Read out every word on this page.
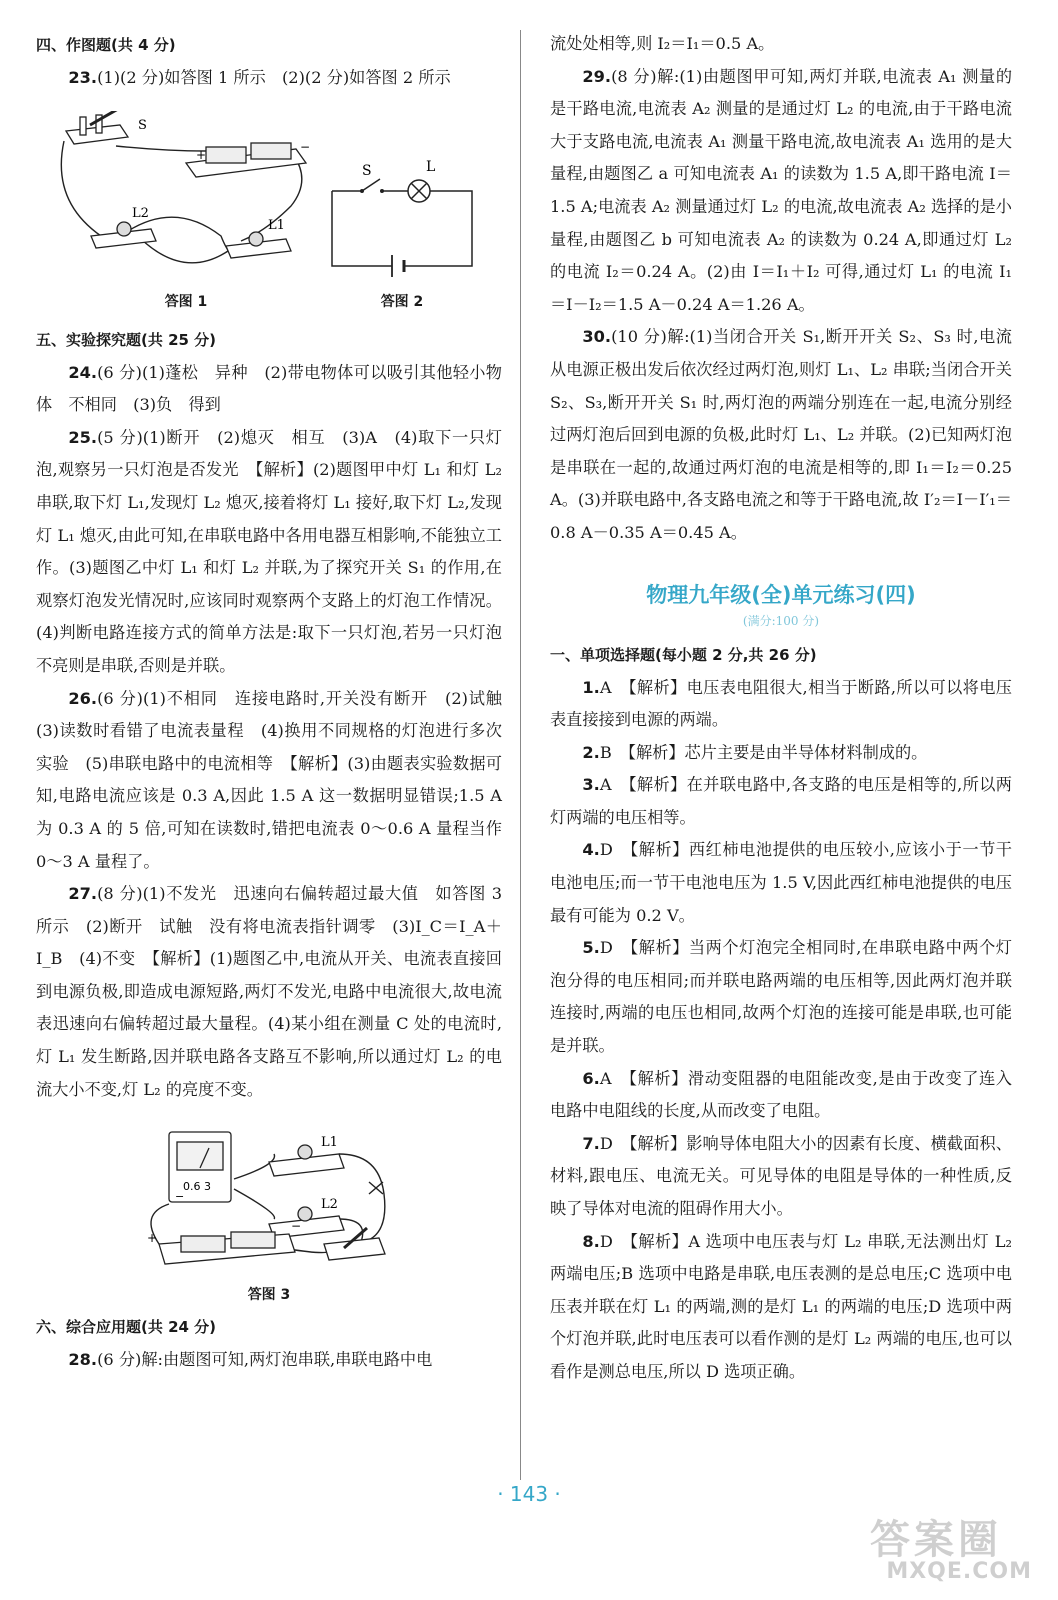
四、作图题(共 4 分)

23.(1)(2 分)如答图 1 所示　(2)(2 分)如答图 2 所示

S
+
−
L2
L1
答图 1
S	L
答图 2

五、实验探究题(共 25 分)

24.(6 分)(1)蓬松　异种　(2)带电物体可以吸引其他轻小物体　不相同　(3)负　得到

25.(5 分)(1)断开　(2)熄灭　相互　(3)A　(4)取下一只灯泡,观察另一只灯泡是否发光　【解析】(2)题图甲中灯 L₁ 和灯 L₂ 串联,取下灯 L₁,发现灯 L₂ 熄灭,接着将灯 L₁ 接好,取下灯 L₂,发现灯 L₁ 熄灭,由此可知,在串联电路中各用电器互相影响,不能独立工作。(3)题图乙中灯 L₁ 和灯 L₂ 并联,为了探究开关 S₁ 的作用,在观察灯泡发光情况时,应该同时观察两个支路上的灯泡工作情况。(4)判断电路连接方式的简单方法是:取下一只灯泡,若另一只灯泡不亮则是串联,否则是并联。

26.(6 分)(1)不相同　连接电路时,开关没有断开　(2)试触　(3)读数时看错了电流表量程　(4)换用不同规格的灯泡进行多次实验　(5)串联电路中的电流相等　【解析】(3)由题表实验数据可知,电路电流应该是 0.3 A,因此 1.5 A 这一数据明显错误;1.5 A 为 0.3 A 的 5 倍,可知在读数时,错把电流表 0～0.6 A 量程当作 0～3 A 量程了。

27.(8 分)(1)不发光　迅速向右偏转超过最大值　如答图 3 所示　(2)断开　试触　没有将电流表指针调零　(3)I_C＝I_A＋I_B　(4)不变　【解析】(1)题图乙中,电流从开关、电流表直接回到电源负极,即造成电源短路,两灯不发光,电路中电流很大,故电流表迅速向右偏转超过最大量程。(4)某小组在测量 C 处的电流时,灯 L₁ 发生断路,因并联电路各支路互不影响,所以通过灯 L₂ 的电流大小不变,灯 L₂ 的亮度不变。

0.6 3
−
L1
L2
+
−
答图 3

六、综合应用题(共 24 分)

28.(6 分)解:由题图可知,两灯泡串联,串联电路中电

流处处相等,则 I₂＝I₁＝0.5 A。

29.(8 分)解:(1)由题图甲可知,两灯并联,电流表 A₁ 测量的是干路电流,电流表 A₂ 测量的是通过灯 L₂ 的电流,由于干路电流大于支路电流,电流表 A₁ 测量干路电流,故电流表 A₁ 选用的是大量程,由题图乙 a 可知电流表 A₁ 的读数为 1.5 A,即干路电流 I＝1.5 A;电流表 A₂ 测量通过灯 L₂ 的电流,故电流表 A₂ 选择的是小量程,由题图乙 b 可知电流表 A₂ 的读数为 0.24 A,即通过灯 L₂ 的电流 I₂＝0.24 A。(2)由 I＝I₁＋I₂ 可得,通过灯 L₁ 的电流 I₁＝I－I₂＝1.5 A－0.24 A＝1.26 A。

30.(10 分)解:(1)当闭合开关 S₁,断开开关 S₂、S₃ 时,电流从电源正极出发后依次经过两灯泡,则灯 L₁、L₂ 串联;当闭合开关 S₂、S₃,断开开关 S₁ 时,两灯泡的两端分别连在一起,电流分别经过两灯泡后回到电源的负极,此时灯 L₁、L₂ 并联。(2)已知两灯泡是串联在一起的,故通过两灯泡的电流是相等的,即 I₁＝I₂＝0.25 A。(3)并联电路中,各支路电流之和等于干路电流,故 I′₂＝I－I′₁＝0.8 A－0.35 A＝0.45 A。

物理九年级(全)单元练习(四)
(满分:100 分)

一、单项选择题(每小题 2 分,共 26 分)

1.A　【解析】电压表电阻很大,相当于断路,所以可以将电压表直接接到电源的两端。

2.B　【解析】芯片主要是由半导体材料制成的。

3.A　【解析】在并联电路中,各支路的电压是相等的,所以两灯两端的电压相等。

4.D　【解析】西红柿电池提供的电压较小,应该小于一节干电池电压;而一节干电池电压为 1.5 V,因此西红柿电池提供的电压最有可能为 0.2 V。

5.D　【解析】当两个灯泡完全相同时,在串联电路中两个灯泡分得的电压相同;而并联电路两端的电压相等,因此两灯泡并联连接时,两端的电压也相同,故两个灯泡的连接可能是串联,也可能是并联。

6.A　【解析】滑动变阻器的电阻能改变,是由于改变了连入电路中电阻线的长度,从而改变了电阻。

7.D　【解析】影响导体电阻大小的因素有长度、横截面积、材料,跟电压、电流无关。可见导体的电阻是导体的一种性质,反映了导体对电流的阻碍作用大小。

8.D　【解析】A 选项中电压表与灯 L₂ 串联,无法测出灯 L₂ 两端电压;B 选项中电路是串联,电压表测的是总电压;C 选项中电压表并联在灯 L₁ 的两端,测的是灯 L₁ 的两端的电压;D 选项中两个灯泡并联,此时电压表可以看作测的是灯 L₂ 两端的电压,也可以看作是测总电压,所以 D 选项正确。

· 143 ·
答案圈
MXQE.COM
